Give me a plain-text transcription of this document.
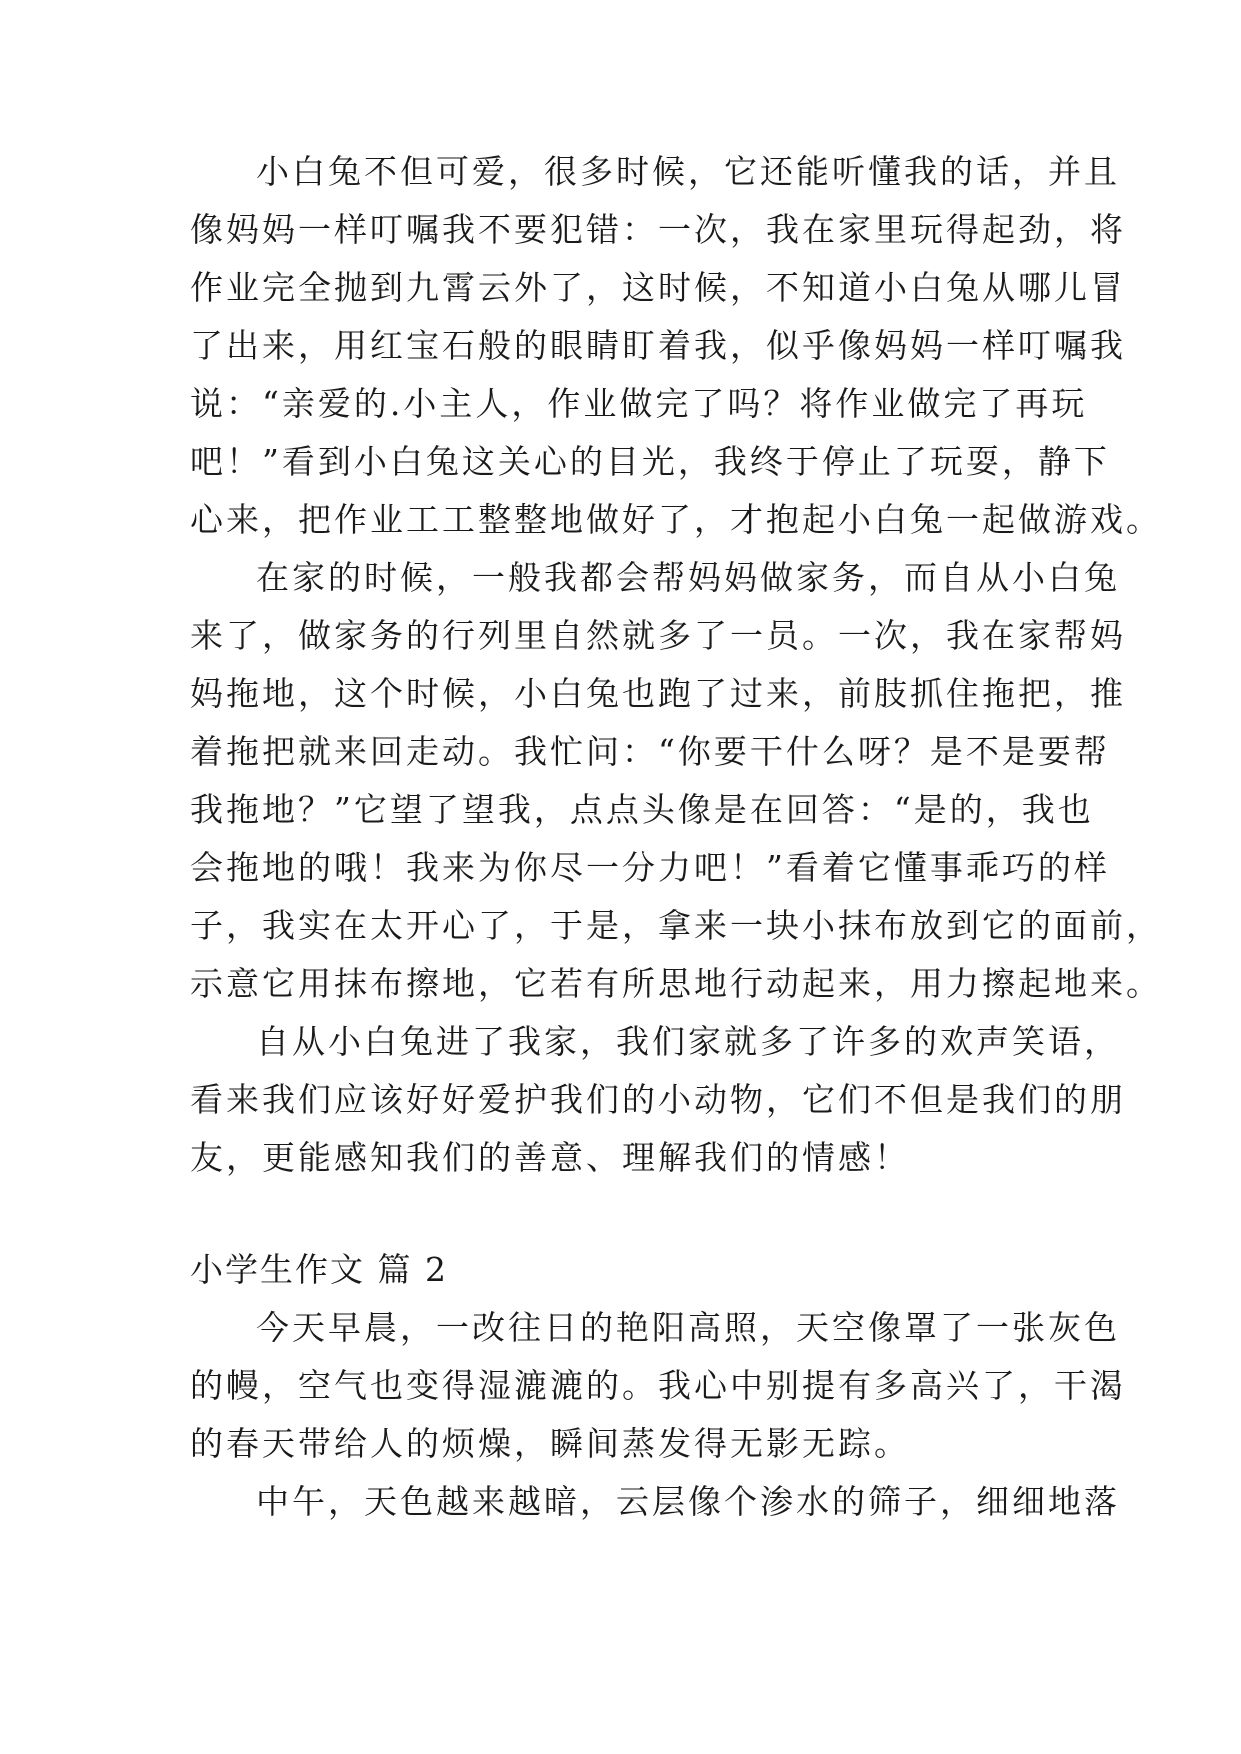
小白兔不但可爱，很多时候，它还能听懂我的话，并且
像妈妈一样叮嘱我不要犯错：一次，我在家里玩得起劲，将
作业完全抛到九霄云外了，这时候，不知道小白兔从哪儿冒
了出来，用红宝石般的眼睛盯着我，似乎像妈妈一样叮嘱我
说：“亲爱的.小主人，作业做完了吗？将作业做完了再玩
吧！”看到小白兔这关心的目光，我终于停止了玩耍，静下
心来，把作业工工整整地做好了，才抱起小白兔一起做游戏。
在家的时候，一般我都会帮妈妈做家务，而自从小白兔
来了，做家务的行列里自然就多了一员。一次，我在家帮妈
妈拖地，这个时候，小白兔也跑了过来，前肢抓住拖把，推
着拖把就来回走动。我忙问：“你要干什么呀？是不是要帮
我拖地？”它望了望我，点点头像是在回答：“是的，我也
会拖地的哦！我来为你尽一分力吧！”看着它懂事乖巧的样
子，我实在太开心了，于是，拿来一块小抹布放到它的面前，
示意它用抹布擦地，它若有所思地行动起来，用力擦起地来。
自从小白兔进了我家，我们家就多了许多的欢声笑语，
看来我们应该好好爱护我们的小动物，它们不但是我们的朋
友，更能感知我们的善意、理解我们的情感！
小学生作文 篇 2
今天早晨，一改往日的艳阳高照，天空像罩了一张灰色
的幔，空气也变得湿漉漉的。我心中别提有多高兴了，干渴
的春天带给人的烦燥，瞬间蒸发得无影无踪。
中午，天色越来越暗，云层像个渗水的筛子，细细地落
